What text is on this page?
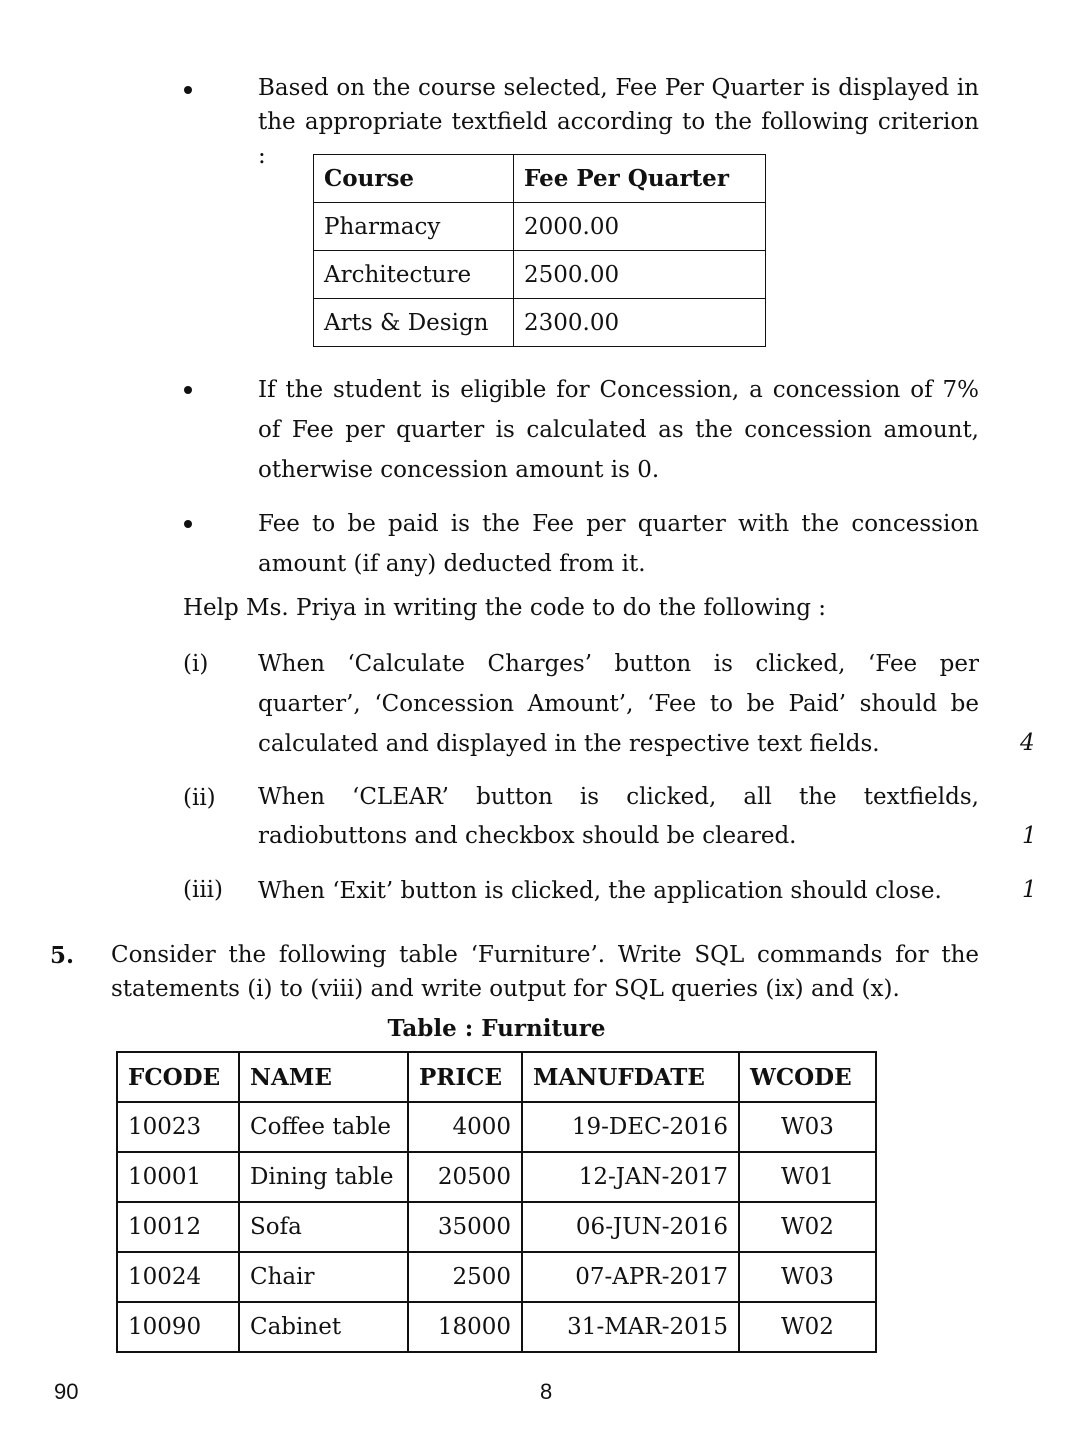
Based on the course selected, Fee Per Quarter is displayed in the appropriate textfield according to the following criterion :
Course	Fee Per Quarter
Pharmacy	2000.00
Architecture	2500.00
Arts & Design	2300.00
If the student is eligible for Concession, a concession of 7% of Fee per quarter is calculated as the concession amount, otherwise concession amount is 0.
Fee to be paid is the Fee per quarter with the concession amount (if any) deducted from it.
Help Ms. Priya in writing the code to do the following :
(i) When ‘Calculate Charges’ button is clicked, ‘Fee per quarter’, ‘Concession Amount’, ‘Fee to be Paid’ should be calculated and displayed in the respective text fields.	4
(ii) When ‘CLEAR’ button is clicked, all the textfields, radiobuttons and checkbox should be cleared.	1
(iii) When ‘Exit’ button is clicked, the application should close.	1
5. Consider the following table ‘Furniture’. Write SQL commands for the statements (i) to (viii) and write output for SQL queries (ix) and (x).
Table : Furniture
FCODE	NAME	PRICE	MANUFDATE	WCODE
10023	Coffee table	4000	19-DEC-2016	W03
10001	Dining table	20500	12-JAN-2017	W01
10012	Sofa	35000	06-JUN-2016	W02
10024	Chair	2500	07-APR-2017	W03
10090	Cabinet	18000	31-MAR-2015	W02
90	8
